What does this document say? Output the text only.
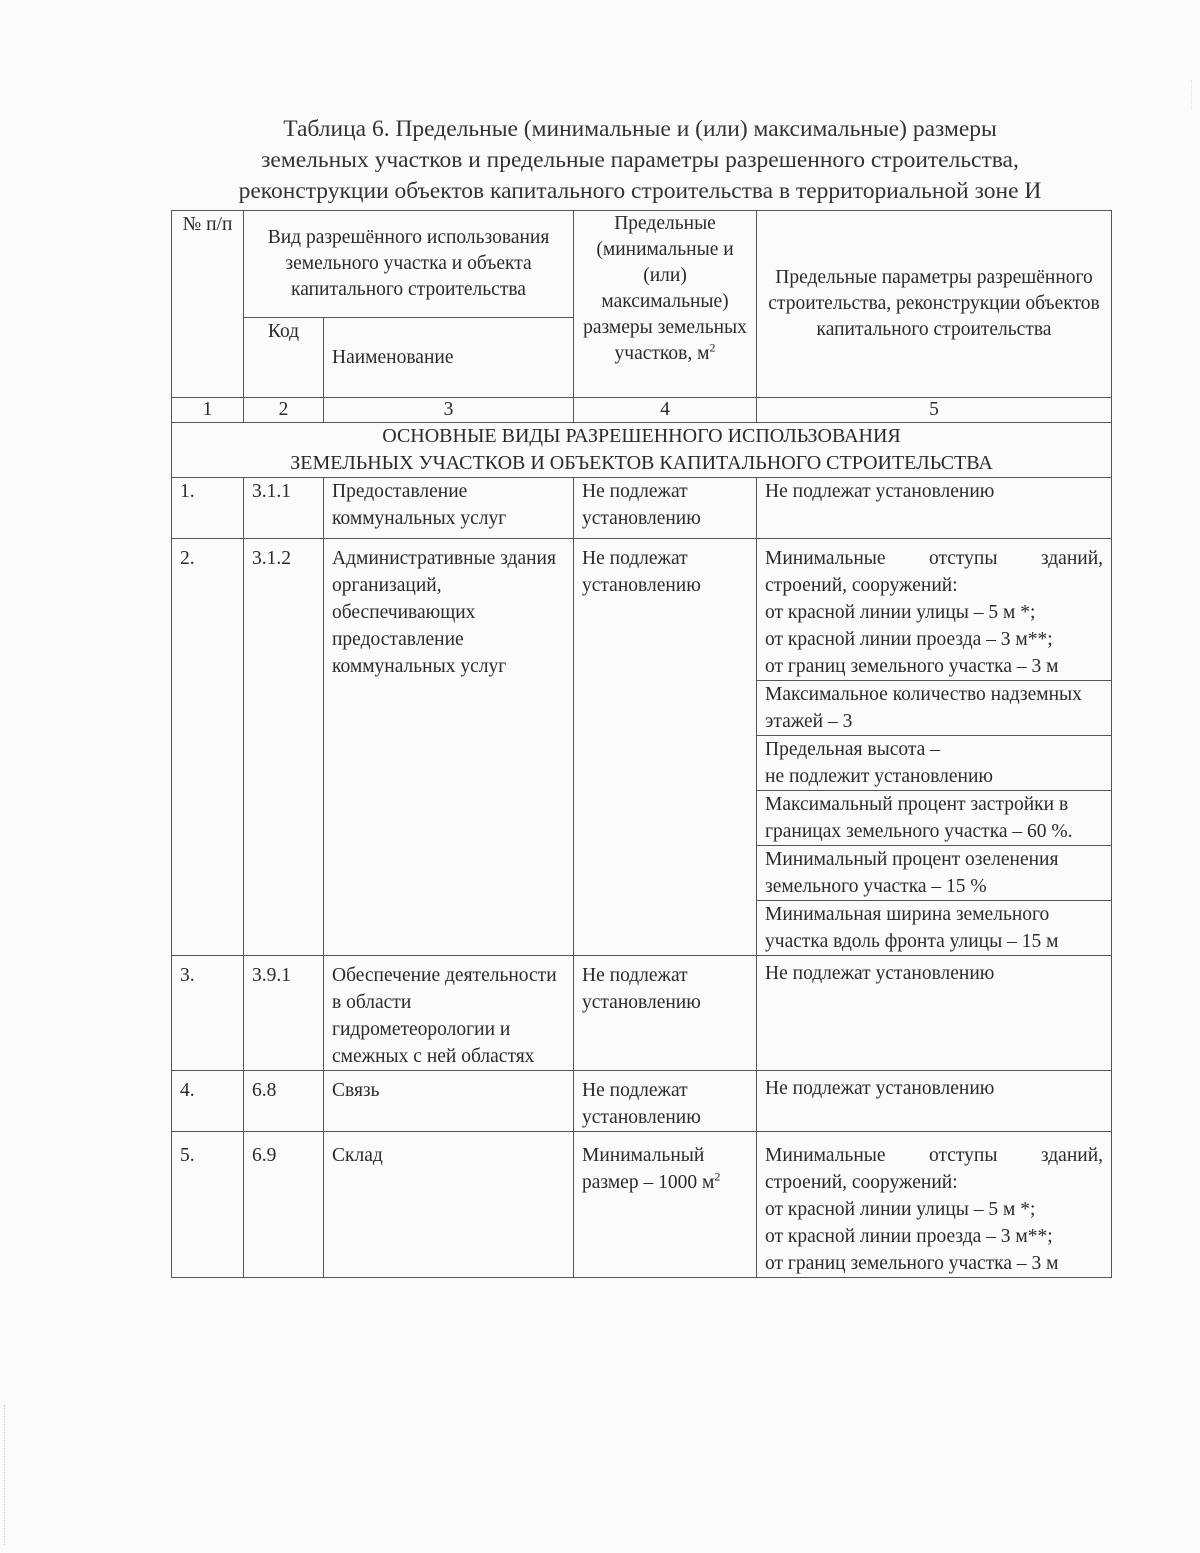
Таблица 6. Предельные (минимальные и (или) максимальные) размеры
земельных участков и предельные параметры разрешенного строительства,
реконструкции объектов капитального строительства в территориальной зоне И
№ п/п	Вид разрешённого использования земельного участка и объекта капитального строительства		Предельные (минимальные и (или) максимальные) размеры земельных участков, $м^2$	Предельные параметры разрешённого строительства, реконструкции объектов капитального строительства
	Код	Наименование		
1	2	3	4	5

ОСНОВНЫЕ ВИДЫ РАЗРЕШЕННОГО ИСПОЛЬЗОВАНИЯ
ЗЕМЕЛЬНЫХ УЧАСТКОВ И ОБЪЕКТОВ КАПИТАЛЬНОГО СТРОИТЕЛЬСТВА				

1.	3.1.1	Предоставление коммунальных услуг	Не подлежат установлению	Не подлежат установлению
2.	3.1.2	Административные здания организаций, обеспечивающих предоставление коммунальных услуг	Не подлежат установлению	Минимальные отступы зданий, строений, сооружений:
от красной линии улицы – 5 м *;
от красной линии проезда – 3 м**;
от границ земельного участка – 3 м

				Максимальное количество надземных этажей – 3

				Предельная высота –
не подлежит установлению

				Максимальный процент застройки в границах земельного участка – 60 %.
				Минимальный процент озеленения земельного участка – 15 %
				Минимальная ширина земельного участка вдоль фронта улицы – 15 м
3.	3.9.1	Обеспечение деятельности в области гидрометеорологии и смежных с ней областях	Не подлежат установлению	Не подлежат установлению
4.	6.8	Связь	Не подлежат установлению	Не подлежат установлению
5.	6.9	Склад	Минимальный размер – 1000 $м^2$	Минимальные отступы зданий, строений, сооружений:
от красной линии улицы – 5 м *;
от красной линии проезда – 3 м**;
от границ земельного участка – 3 м
